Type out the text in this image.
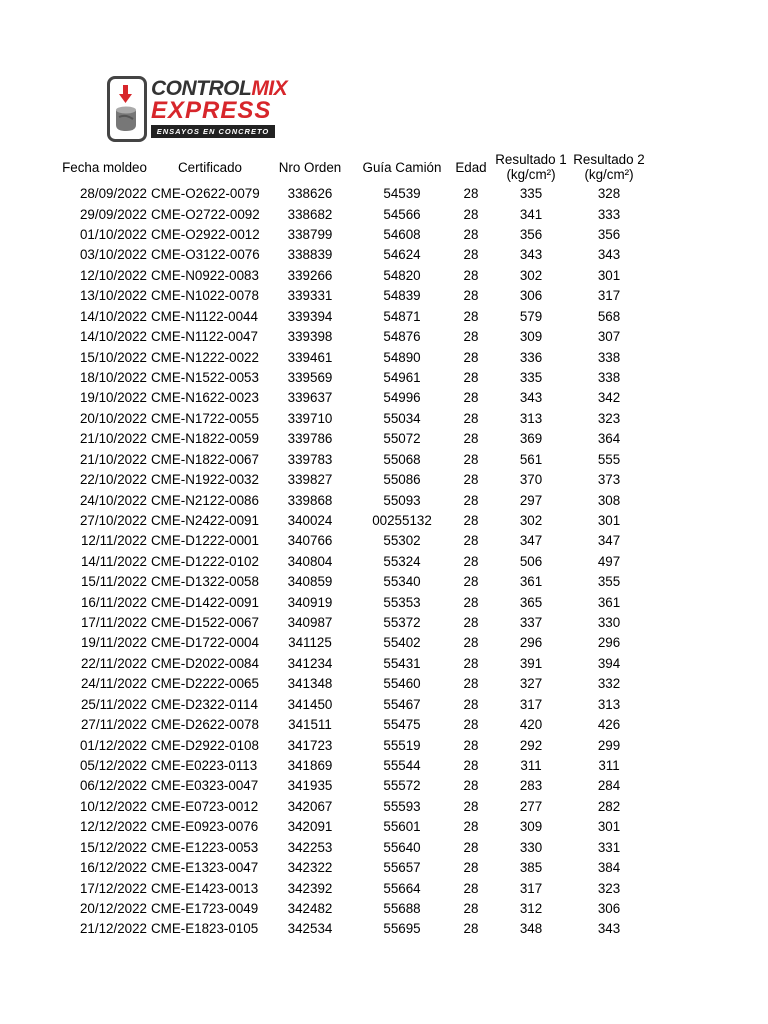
CONTROLMIX
EXPRESS
ENSAYOS EN CONCRETO
Fecha moldeo	Certificado	Nro Orden	Guía Camión	Edad	Resultado 1
(kg/cm²)	Resultado 2
(kg/cm²)
28/09/2022	CME-O2622-0079	338626	54539	28	335	328
29/09/2022	CME-O2722-0092	338682	54566	28	341	333
01/10/2022	CME-O2922-0012	338799	54608	28	356	356
03/10/2022	CME-O3122-0076	338839	54624	28	343	343
12/10/2022	CME-N0922-0083	339266	54820	28	302	301
13/10/2022	CME-N1022-0078	339331	54839	28	306	317
14/10/2022	CME-N1122-0044	339394	54871	28	579	568
14/10/2022	CME-N1122-0047	339398	54876	28	309	307
15/10/2022	CME-N1222-0022	339461	54890	28	336	338
18/10/2022	CME-N1522-0053	339569	54961	28	335	338
19/10/2022	CME-N1622-0023	339637	54996	28	343	342
20/10/2022	CME-N1722-0055	339710	55034	28	313	323
21/10/2022	CME-N1822-0059	339786	55072	28	369	364
21/10/2022	CME-N1822-0067	339783	55068	28	561	555
22/10/2022	CME-N1922-0032	339827	55086	28	370	373
24/10/2022	CME-N2122-0086	339868	55093	28	297	308
27/10/2022	CME-N2422-0091	340024	00255132	28	302	301
12/11/2022	CME-D1222-0001	340766	55302	28	347	347
14/11/2022	CME-D1222-0102	340804	55324	28	506	497
15/11/2022	CME-D1322-0058	340859	55340	28	361	355
16/11/2022	CME-D1422-0091	340919	55353	28	365	361
17/11/2022	CME-D1522-0067	340987	55372	28	337	330
19/11/2022	CME-D1722-0004	341125	55402	28	296	296
22/11/2022	CME-D2022-0084	341234	55431	28	391	394
24/11/2022	CME-D2222-0065	341348	55460	28	327	332
25/11/2022	CME-D2322-0114	341450	55467	28	317	313
27/11/2022	CME-D2622-0078	341511	55475	28	420	426
01/12/2022	CME-D2922-0108	341723	55519	28	292	299
05/12/2022	CME-E0223-0113	341869	55544	28	311	311
06/12/2022	CME-E0323-0047	341935	55572	28	283	284
10/12/2022	CME-E0723-0012	342067	55593	28	277	282
12/12/2022	CME-E0923-0076	342091	55601	28	309	301
15/12/2022	CME-E1223-0053	342253	55640	28	330	331
16/12/2022	CME-E1323-0047	342322	55657	28	385	384
17/12/2022	CME-E1423-0013	342392	55664	28	317	323
20/12/2022	CME-E1723-0049	342482	55688	28	312	306
21/12/2022	CME-E1823-0105	342534	55695	28	348	343
